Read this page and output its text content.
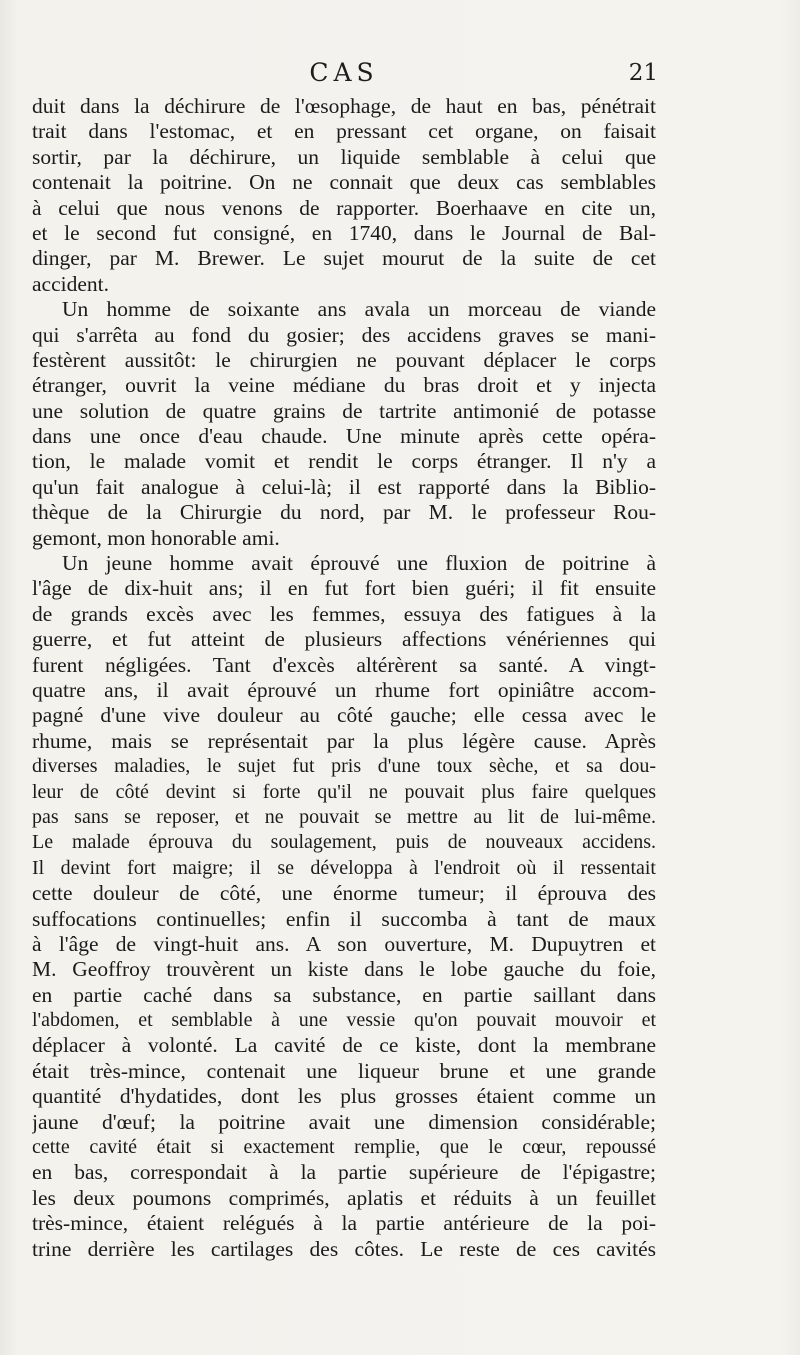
CAS	21
duit dans la déchirure de l'œsophage, de haut en bas, pénétrait
trait dans l'estomac, et en pressant cet organe, on faisait
sortir, par la déchirure, un liquide semblable à celui que
contenait la poitrine. On ne connait que deux cas semblables
à celui que nous venons de rapporter. Boerhaave en cite un,
et le second fut consigné, en 1740, dans le Journal de Bal-
dinger, par M. Brewer. Le sujet mourut de la suite de cet
accident.
Un homme de soixante ans avala un morceau de viande
qui s'arrêta au fond du gosier; des accidens graves se mani-
festèrent aussitôt: le chirurgien ne pouvant déplacer le corps
étranger, ouvrit la veine médiane du bras droit et y injecta
une solution de quatre grains de tartrite antimonié de potasse
dans une once d'eau chaude. Une minute après cette opéra-
tion, le malade vomit et rendit le corps étranger. Il n'y a
qu'un fait analogue à celui-là; il est rapporté dans la Biblio-
thèque de la Chirurgie du nord, par M. le professeur Rou-
gemont, mon honorable ami.
Un jeune homme avait éprouvé une fluxion de poitrine à
l'âge de dix-huit ans; il en fut fort bien guéri; il fit ensuite
de grands excès avec les femmes, essuya des fatigues à la
guerre, et fut atteint de plusieurs affections vénériennes qui
furent négligées. Tant d'excès altérèrent sa santé. A vingt-
quatre ans, il avait éprouvé un rhume fort opiniâtre accom-
pagné d'une vive douleur au côté gauche; elle cessa avec le
rhume, mais se représentait par la plus légère cause. Après
diverses maladies, le sujet fut pris d'une toux sèche, et sa dou-
leur de côté devint si forte qu'il ne pouvait plus faire quelques
pas sans se reposer, et ne pouvait se mettre au lit de lui-même.
Le malade éprouva du soulagement, puis de nouveaux accidens.
Il devint fort maigre; il se développa à l'endroit où il ressentait
cette douleur de côté, une énorme tumeur; il éprouva des
suffocations continuelles; enfin il succomba à tant de maux
à l'âge de vingt-huit ans. A son ouverture, M. Dupuytren et
M. Geoffroy trouvèrent un kiste dans le lobe gauche du foie,
en partie caché dans sa substance, en partie saillant dans
l'abdomen, et semblable à une vessie qu'on pouvait mouvoir et
déplacer à volonté. La cavité de ce kiste, dont la membrane
était très-mince, contenait une liqueur brune et une grande
quantité d'hydatides, dont les plus grosses étaient comme un
jaune d'œuf; la poitrine avait une dimension considérable;
cette cavité était si exactement remplie, que le cœur, repoussé
en bas, correspondait à la partie supérieure de l'épigastre;
les deux poumons comprimés, aplatis et réduits à un feuillet
très-mince, étaient relégués à la partie antérieure de la poi-
trine derrière les cartilages des côtes. Le reste de ces cavités
